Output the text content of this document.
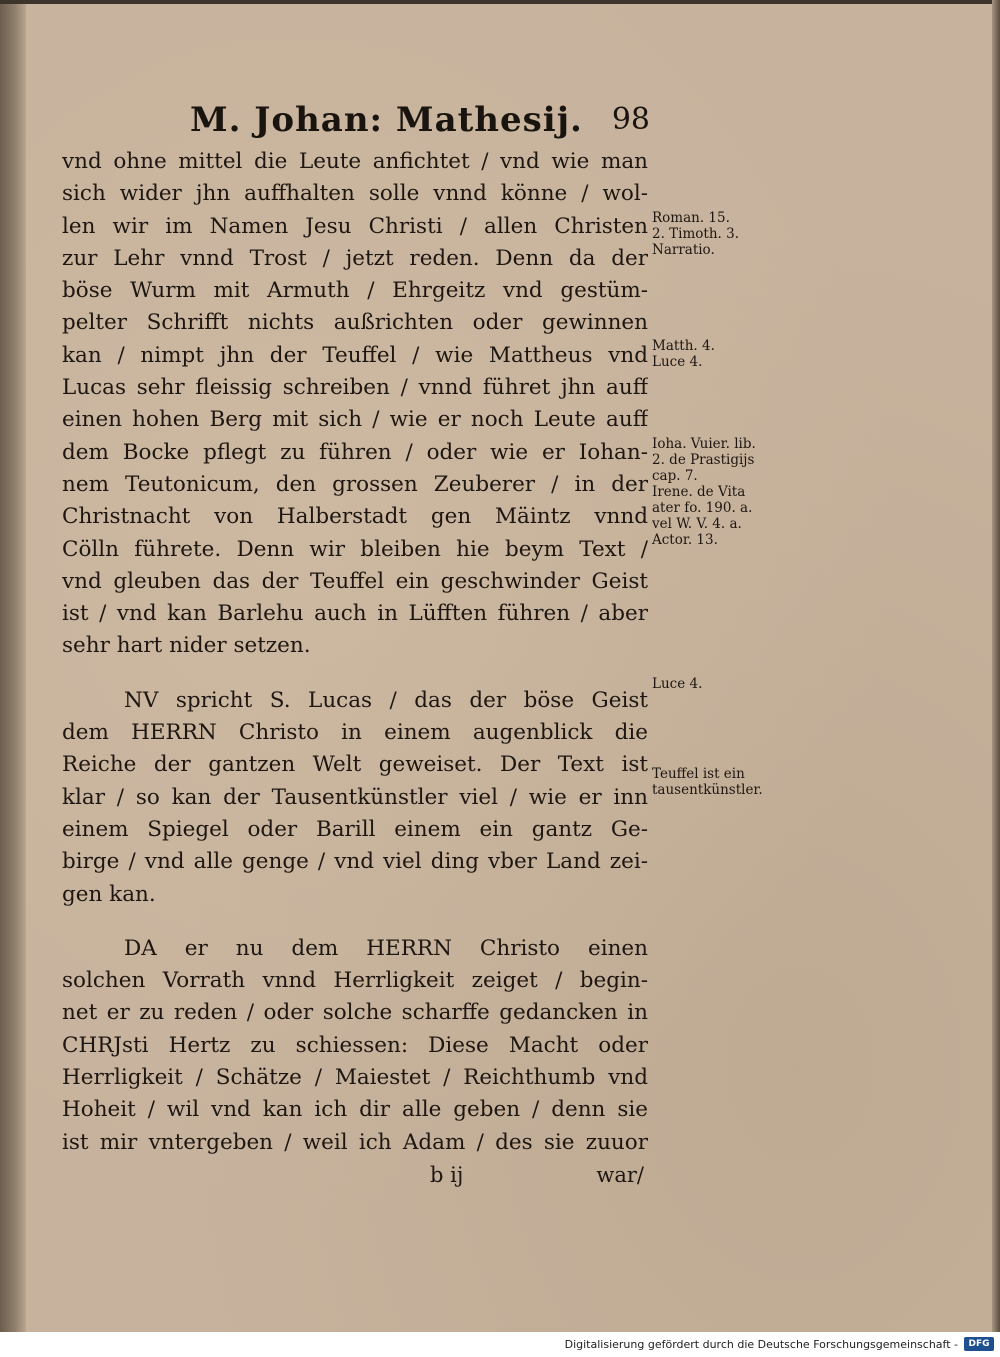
M. Johan: Mathesij. 98
vnd ohne mittel die Leute anfichtet / vnd wie man
sich wider jhn auffhalten solle vnnd könne / wol-
len wir im Namen Jesu Christi / allen Christen
zur Lehr vnnd Trost / jetzt reden. Denn da der
böse Wurm mit Armuth / Ehrgeitz vnd gestüm-
pelter Schrifft nichts außrichten oder gewinnen
kan / nimpt jhn der Teuffel / wie Mattheus vnd
Lucas sehr fleissig schreiben / vnnd führet jhn auff
einen hohen Berg mit sich / wie er noch Leute auff
dem Bocke pflegt zu führen / oder wie er Iohan-
nem Teutonicum, den grossen Zeuberer / in der
Christnacht von Halberstadt gen Mäintz vnnd
Cölln führete. Denn wir bleiben hie beym Text /
vnd gleuben das der Teuffel ein geschwinder Geist
ist / vnd kan Barlehu auch in Lüfften führen / aber
sehr hart nider setzen.
NV spricht S. Lucas / das der böse Geist
dem HERRN Christo in einem augenblick die
Reiche der gantzen Welt geweiset. Der Text ist
klar / so kan der Tausentkünstler viel / wie er inn
einem Spiegel oder Barill einem ein gantz Ge-
birge / vnd alle genge / vnd viel ding vber Land zei-
gen kan.
DA er nu dem HERRN Christo einen
solchen Vorrath vnnd Herrligkeit zeiget / begin-
net er zu reden / oder solche scharffe gedancken in
CHRJsti Hertz zu schiessen: Diese Macht oder
Herrligkeit / Schätze / Maiestet / Reichthumb vnd
Hoheit / wil vnd kan ich dir alle geben / denn sie
ist mir vntergeben / weil ich Adam / des sie zuuor
b ij	war/
Roman. 15.
2. Timoth. 3.
Narratio.
Matth. 4.
Luce 4.
Ioha. Vuier. lib.
2. de Prastigijs
cap. 7.
Irene. de Vita
ater fo. 190. a.
vel W. V. 4. a.
Actor. 13.
Luce 4.
Teuffel ist ein
tausentkünstler.
Digitalisierung gefördert durch die Deutsche Forschungsgemeinschaft -	DFG
